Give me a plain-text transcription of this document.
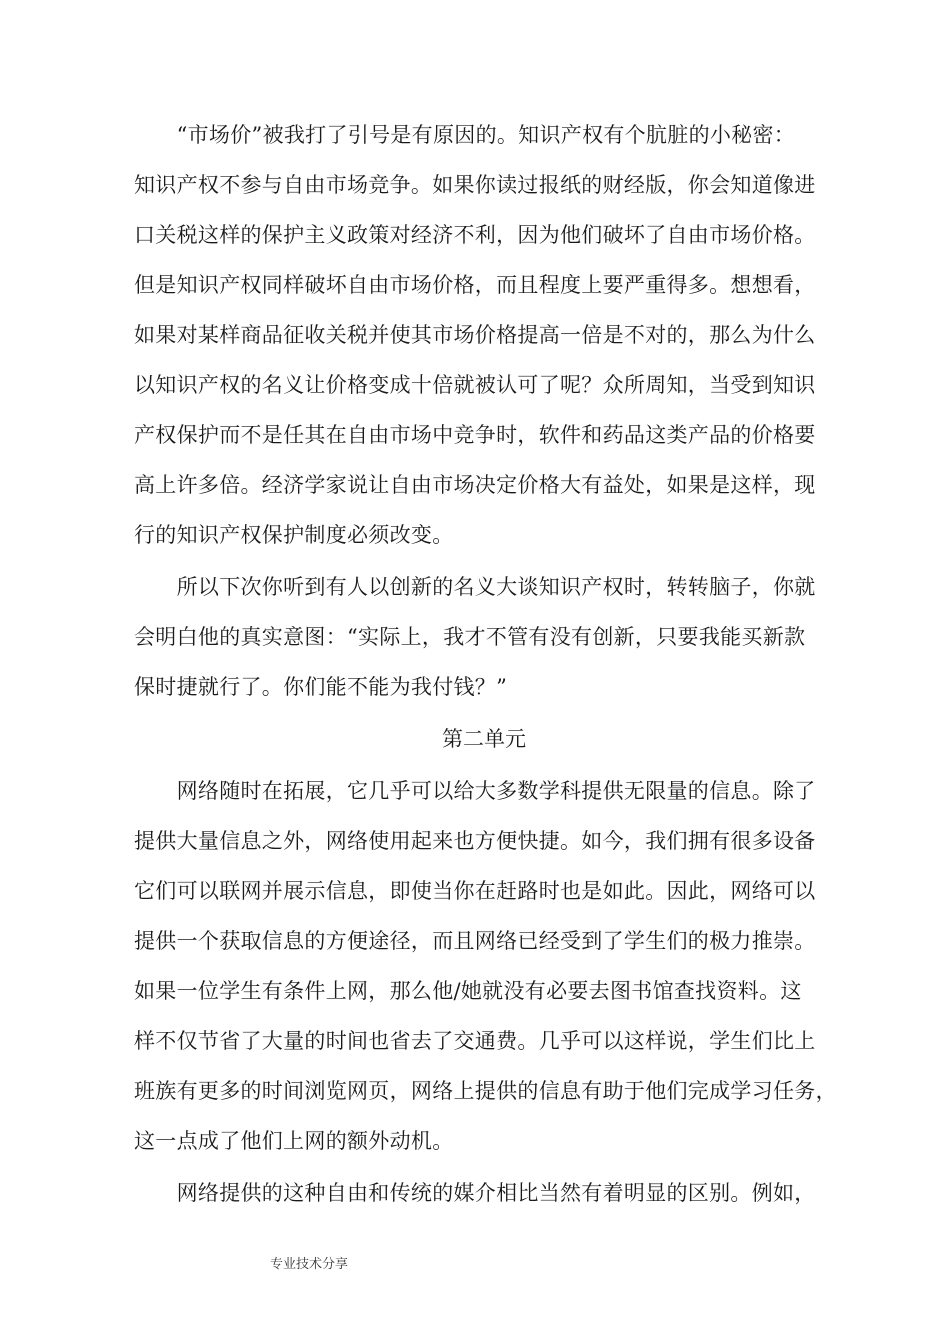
　　“市场价”被我打了引号是有原因的。知识产权有个肮脏的小秘密：
知识产权不参与自由市场竞争。如果你读过报纸的财经版，你会知道像进
口关税这样的保护主义政策对经济不利，因为他们破坏了自由市场价格。
但是知识产权同样破坏自由市场价格，而且程度上要严重得多。想想看，
如果对某样商品征收关税并使其市场价格提高一倍是不对的，那么为什么
以知识产权的名义让价格变成十倍就被认可了呢？众所周知，当受到知识
产权保护而不是任其在自由市场中竞争时，软件和药品这类产品的价格要
高上许多倍。经济学家说让自由市场决定价格大有益处，如果是这样，现
行的知识产权保护制度必须改变。
　　所以下次你听到有人以创新的名义大谈知识产权时，转转脑子，你就
会明白他的真实意图：“实际上，我才不管有没有创新，只要我能买新款
保时捷就行了。你们能不能为我付钱？”
第二单元
　　网络随时在拓展，它几乎可以给大多数学科提供无限量的信息。除了
提供大量信息之外，网络使用起来也方便快捷。如今，我们拥有很多设备
它们可以联网并展示信息，即使当你在赶路时也是如此。因此，网络可以
提供一个获取信息的方便途径，而且网络已经受到了学生们的极力推崇。
如果一位学生有条件上网，那么他/她就没有必要去图书馆查找资料。这
样不仅节省了大量的时间也省去了交通费。几乎可以这样说，学生们比上
班族有更多的时间浏览网页，网络上提供的信息有助于他们完成学习任务，
这一点成了他们上网的额外动机。
　　网络提供的这种自由和传统的媒介相比当然有着明显的区别。例如，
专业技术分享
